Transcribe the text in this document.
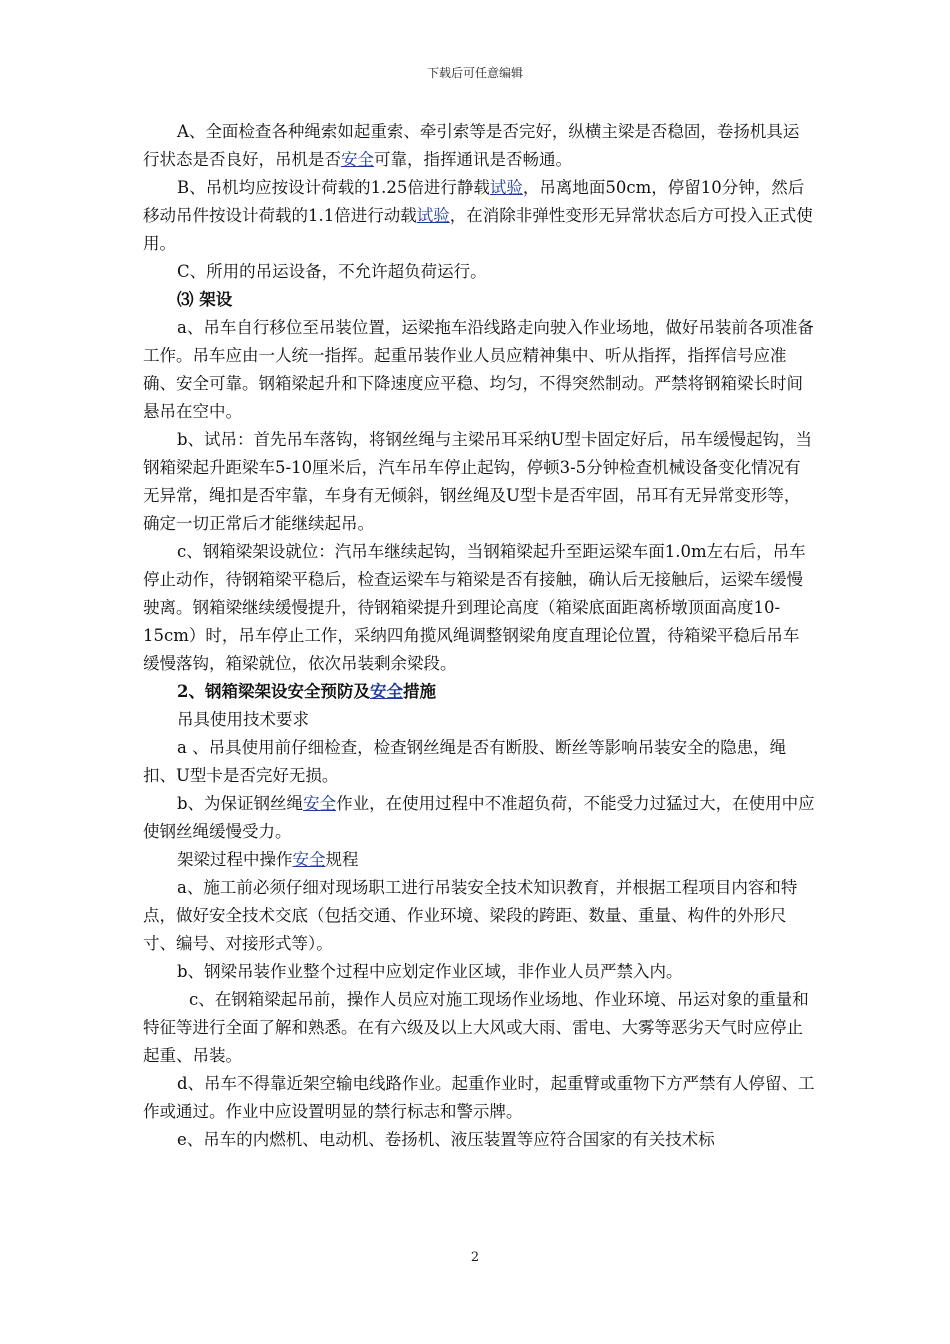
下载后可任意编辑

A、全面检查各种绳索如起重索、牵引索等是否完好，纵横主梁是否稳固，卷扬机具运行状态是否良好，吊机是否安全可靠，指挥通讯是否畅通。

B、吊机均应按设计荷载的1.25倍进行静载试验，吊离地面50cm，停留10分钟，然后移动吊件按设计荷载的1.1倍进行动载试验，在消除非弹性变形无异常状态后方可投入正式使用。

C、所用的吊运设备，不允许超负荷运行。

⑶ 架设

a、吊车自行移位至吊装位置，运梁拖车沿线路走向驶入作业场地，做好吊装前各项准备工作。吊车应由一人统一指挥。起重吊装作业人员应精神集中、听从指挥，指挥信号应准确、安全可靠。钢箱梁起升和下降速度应平稳、均匀，不得突然制动。严禁将钢箱梁长时间悬吊在空中。

b、试吊：首先吊车落钩，将钢丝绳与主梁吊耳采纳U型卡固定好后，吊车缓慢起钩，当钢箱梁起升距梁车5-10厘米后，汽车吊车停止起钩，停顿3-5分钟检查机械设备变化情况有无异常，绳扣是否牢靠，车身有无倾斜，钢丝绳及U型卡是否牢固，吊耳有无异常变形等，确定一切正常后才能继续起吊。

c、钢箱梁架设就位：汽吊车继续起钩，当钢箱梁起升至距运梁车面1.0m左右后，吊车停止动作，待钢箱梁平稳后，检查运梁车与箱梁是否有接触，确认后无接触后，运梁车缓慢驶离。钢箱梁继续缓慢提升，待钢箱梁提升到理论高度（箱梁底面距离桥墩顶面高度10-15cm）时，吊车停止工作，采纳四角揽风绳调整钢梁角度直理论位置，待箱梁平稳后吊车缓慢落钩，箱梁就位，依次吊装剩余梁段。

2、钢箱梁架设安全预防及安全措施

吊具使用技术要求

a 、吊具使用前仔细检查，检查钢丝绳是否有断股、断丝等影响吊装安全的隐患，绳扣、U型卡是否完好无损。

b、为保证钢丝绳安全作业，在使用过程中不准超负荷，不能受力过猛过大，在使用中应使钢丝绳缓慢受力。

架梁过程中操作安全规程

a、施工前必须仔细对现场职工进行吊装安全技术知识教育，并根据工程项目内容和特点，做好安全技术交底（包括交通、作业环境、梁段的跨距、数量、重量、构件的外形尺寸、编号、对接形式等）。

b、钢梁吊装作业整个过程中应划定作业区域，非作业人员严禁入内。

c、在钢箱梁起吊前，操作人员应对施工现场作业场地、作业环境、吊运对象的重量和特征等进行全面了解和熟悉。在有六级及以上大风或大雨、雷电、大雾等恶劣天气时应停止起重、吊装。

d、吊车不得靠近架空输电线路作业。起重作业时，起重臂或重物下方严禁有人停留、工作或通过。作业中应设置明显的禁行标志和警示牌。

e、吊车的内燃机、电动机、卷扬机、液压装置等应符合国家的有关技术标

2
